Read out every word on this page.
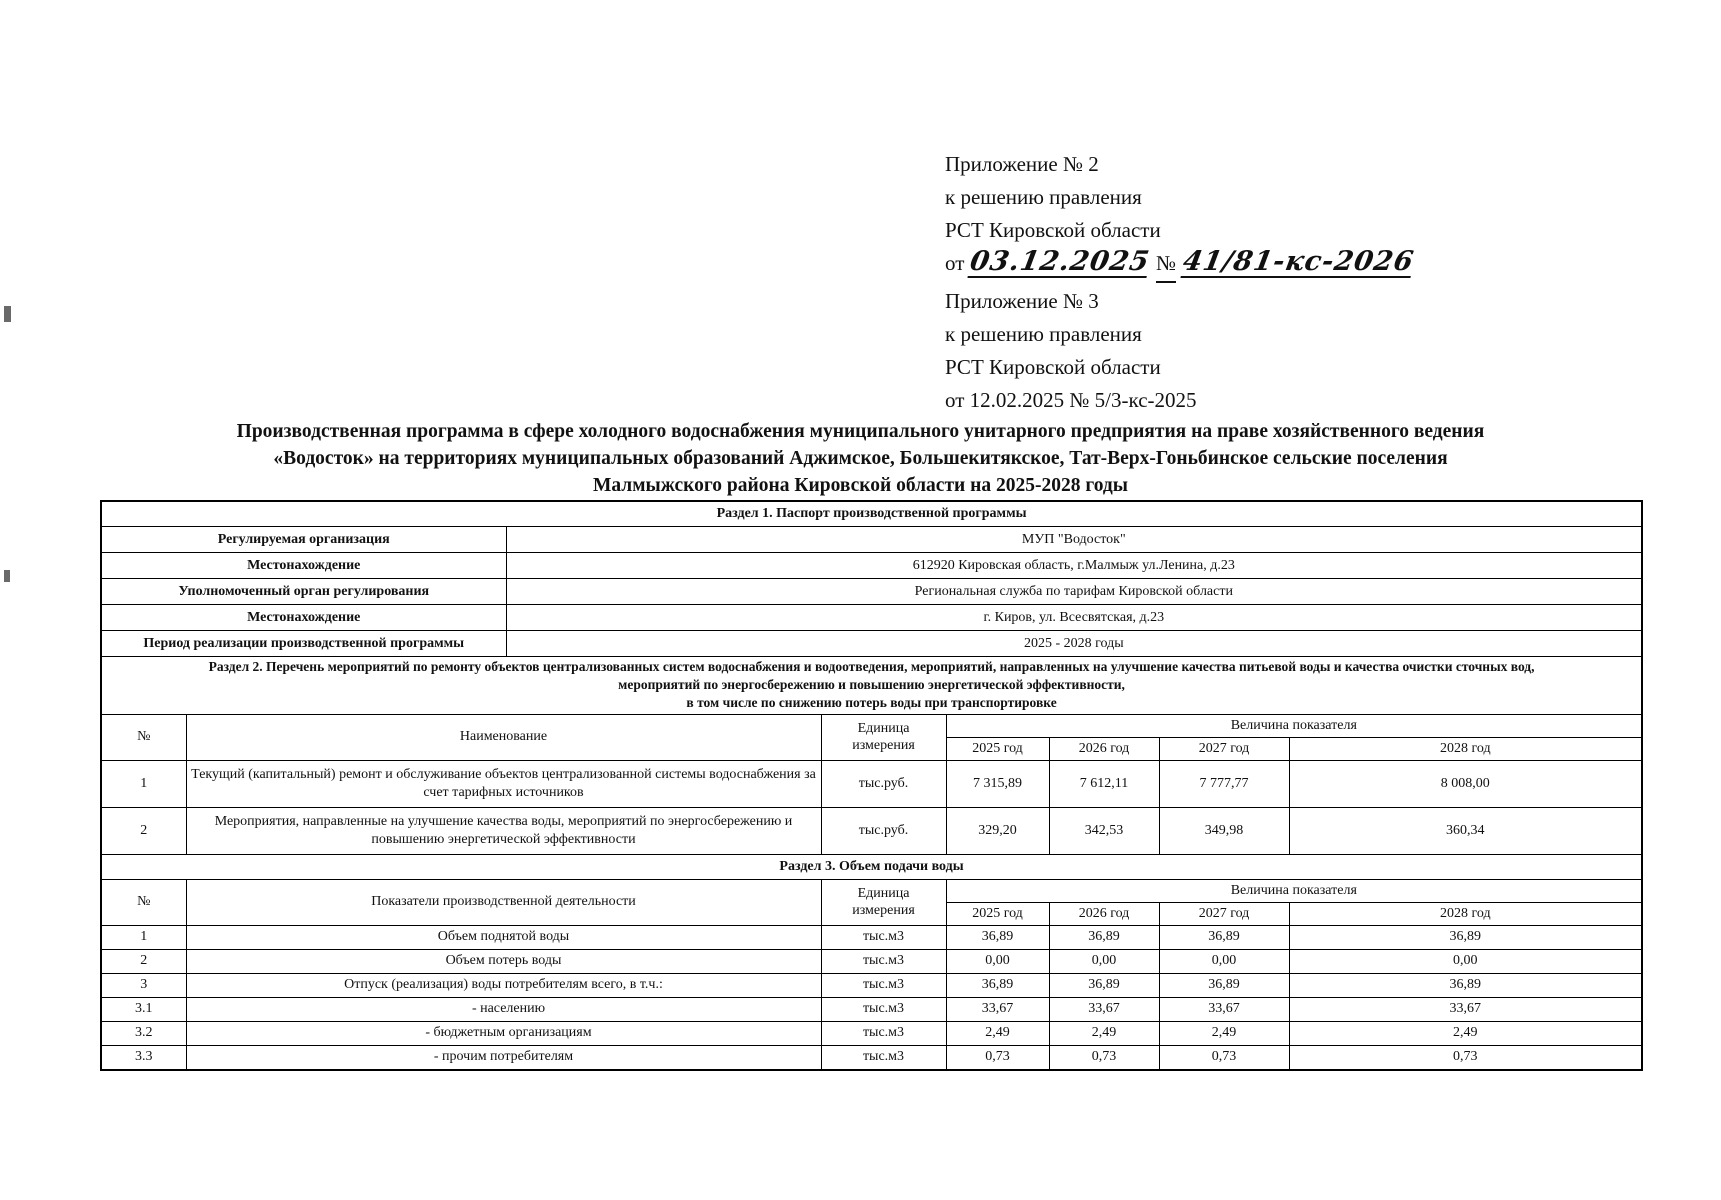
Приложение № 2
к решению правления
РСТ Кировской области
от 03.12.2025 № 41/81-кс-2026
Приложение № 3
к решению правления
РСТ Кировской области
от 12.02.2025 № 5/3-кс-2025
Производственная программа в сфере холодного водоснабжения муниципального унитарного предприятия на праве хозяйственного ведения
«Водосток» на территориях муниципальных образований Аджимское, Большекитякское, Тат-Верх-Гоньбинское сельские поселения
Малмыжского района Кировской области на 2025-2028 годы
Раздел 1. Паспорт производственной программы							
Регулируемая организация		МУП "Водосток"					
Местонахождение		612920 Кировская область, г.Малмыж ул.Ленина, д.23					
Уполномоченный орган регулирования		Региональная служба по тарифам Кировской области					
Местонахождение		г. Киров, ул. Всесвятская, д.23					
Период реализации производственной программы		2025 - 2028 годы					

Раздел 2. Перечень мероприятий по ремонту объектов централизованных систем водоснабжения и водоотведения, мероприятий, направленных на улучшение качества питьевой воды и качества очистки сточных вод,
мероприятий по энергосбережению и повышению энергетической эффективности,
в том числе по снижению потерь воды при транспортировке							

№	Наименование		Единица измерения	Величина показателя			
				2025 год	2026 год	2027 год	2028 год
1	Текущий (капитальный) ремонт и обслуживание объектов централизованной системы водоснабжения за счет тарифных источников		тыс.руб.	7 315,89	7 612,11	7 777,77	8 008,00
2	Мероприятия, направленные на улучшение качества воды, мероприятий по энергосбережению и повышению энергетической эффективности		тыс.руб.	329,20	342,53	349,98	360,34
Раздел 3. Объем подачи воды							
№	Показатели производственной деятельности		Единица измерения	Величина показателя			
				2025 год	2026 год	2027 год	2028 год
1	Объем поднятой воды		тыс.м3	36,89	36,89	36,89	36,89
2	Объем потерь воды		тыс.м3	0,00	0,00	0,00	0,00
3	Отпуск (реализация) воды потребителям всего, в т.ч.:		тыс.м3	36,89	36,89	36,89	36,89
3.1	- населению		тыс.м3	33,67	33,67	33,67	33,67
3.2	- бюджетным организациям		тыс.м3	2,49	2,49	2,49	2,49
3.3	- прочим потребителям		тыс.м3	0,73	0,73	0,73	0,73
